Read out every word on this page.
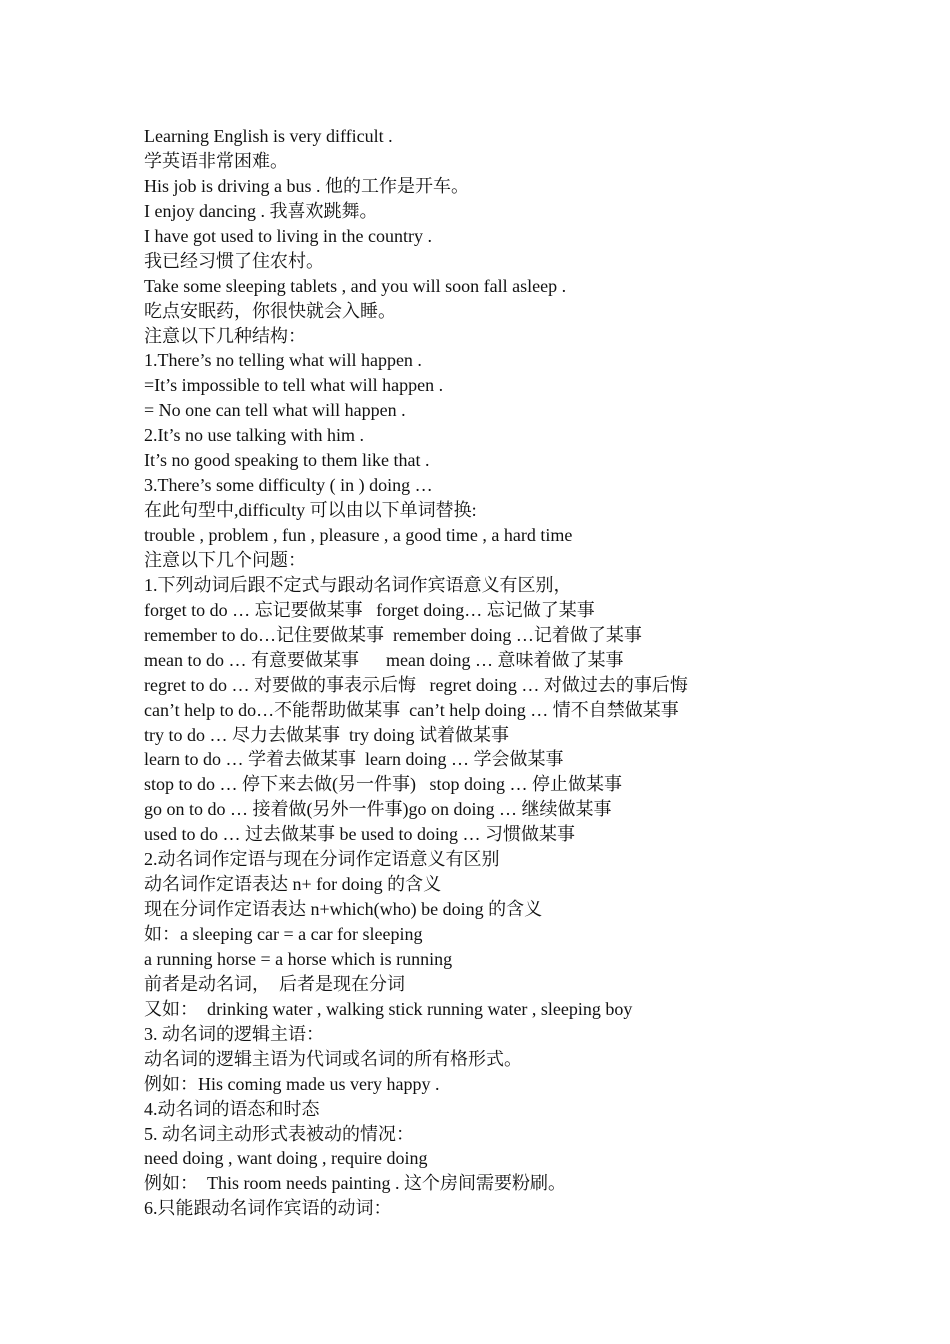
Learning English is very difficult .
学英语非常困难。
His job is driving a bus . 他的工作是开车。
I enjoy dancing . 我喜欢跳舞。
I have got used to living in the country .
我已经习惯了住农村。
Take some sleeping tablets , and you will soon fall asleep .
吃点安眠药，你很快就会入睡。
注意以下几种结构：
1.There’s no telling what will happen .
=It’s impossible to tell what will happen .
= No one can tell what will happen .
2.It’s no use talking with him .
It’s no good speaking to them like that .
3.There’s some difficulty ( in ) doing …
在此句型中,difficulty 可以由以下单词替换:
trouble , problem , fun , pleasure , a good time , a hard time
注意以下几个问题：
1.下列动词后跟不定式与跟动名词作宾语意义有区别，
forget to do … 忘记要做某事   forget doing… 忘记做了某事
remember to do…记住要做某事  remember doing …记着做了某事
mean to do … 有意要做某事      mean doing … 意味着做了某事
regret to do … 对要做的事表示后悔   regret doing … 对做过去的事后悔
can’t help to do…不能帮助做某事  can’t help doing … 情不自禁做某事
try to do … 尽力去做某事  try doing 试着做某事
learn to do … 学着去做某事  learn doing … 学会做某事
stop to do … 停下来去做(另一件事)   stop doing … 停止做某事
go on to do … 接着做(另外一件事)go on doing … 继续做某事
used to do … 过去做某事 be used to doing … 习惯做某事
2.动名词作定语与现在分词作定语意义有区别
动名词作定语表达 n+ for doing 的含义
现在分词作定语表达 n+which(who) be doing 的含义
如：a sleeping car = a car for sleeping
a running horse = a horse which is running
前者是动名词，  后者是现在分词
又如：  drinking water , walking stick running water , sleeping boy
3. 动名词的逻辑主语：
动名词的逻辑主语为代词或名词的所有格形式。
例如：His coming made us very happy .
4.动名词的语态和时态
5. 动名词主动形式表被动的情况：
need doing , want doing , require doing
例如：  This room needs painting . 这个房间需要粉刷。
6.只能跟动名词作宾语的动词：
